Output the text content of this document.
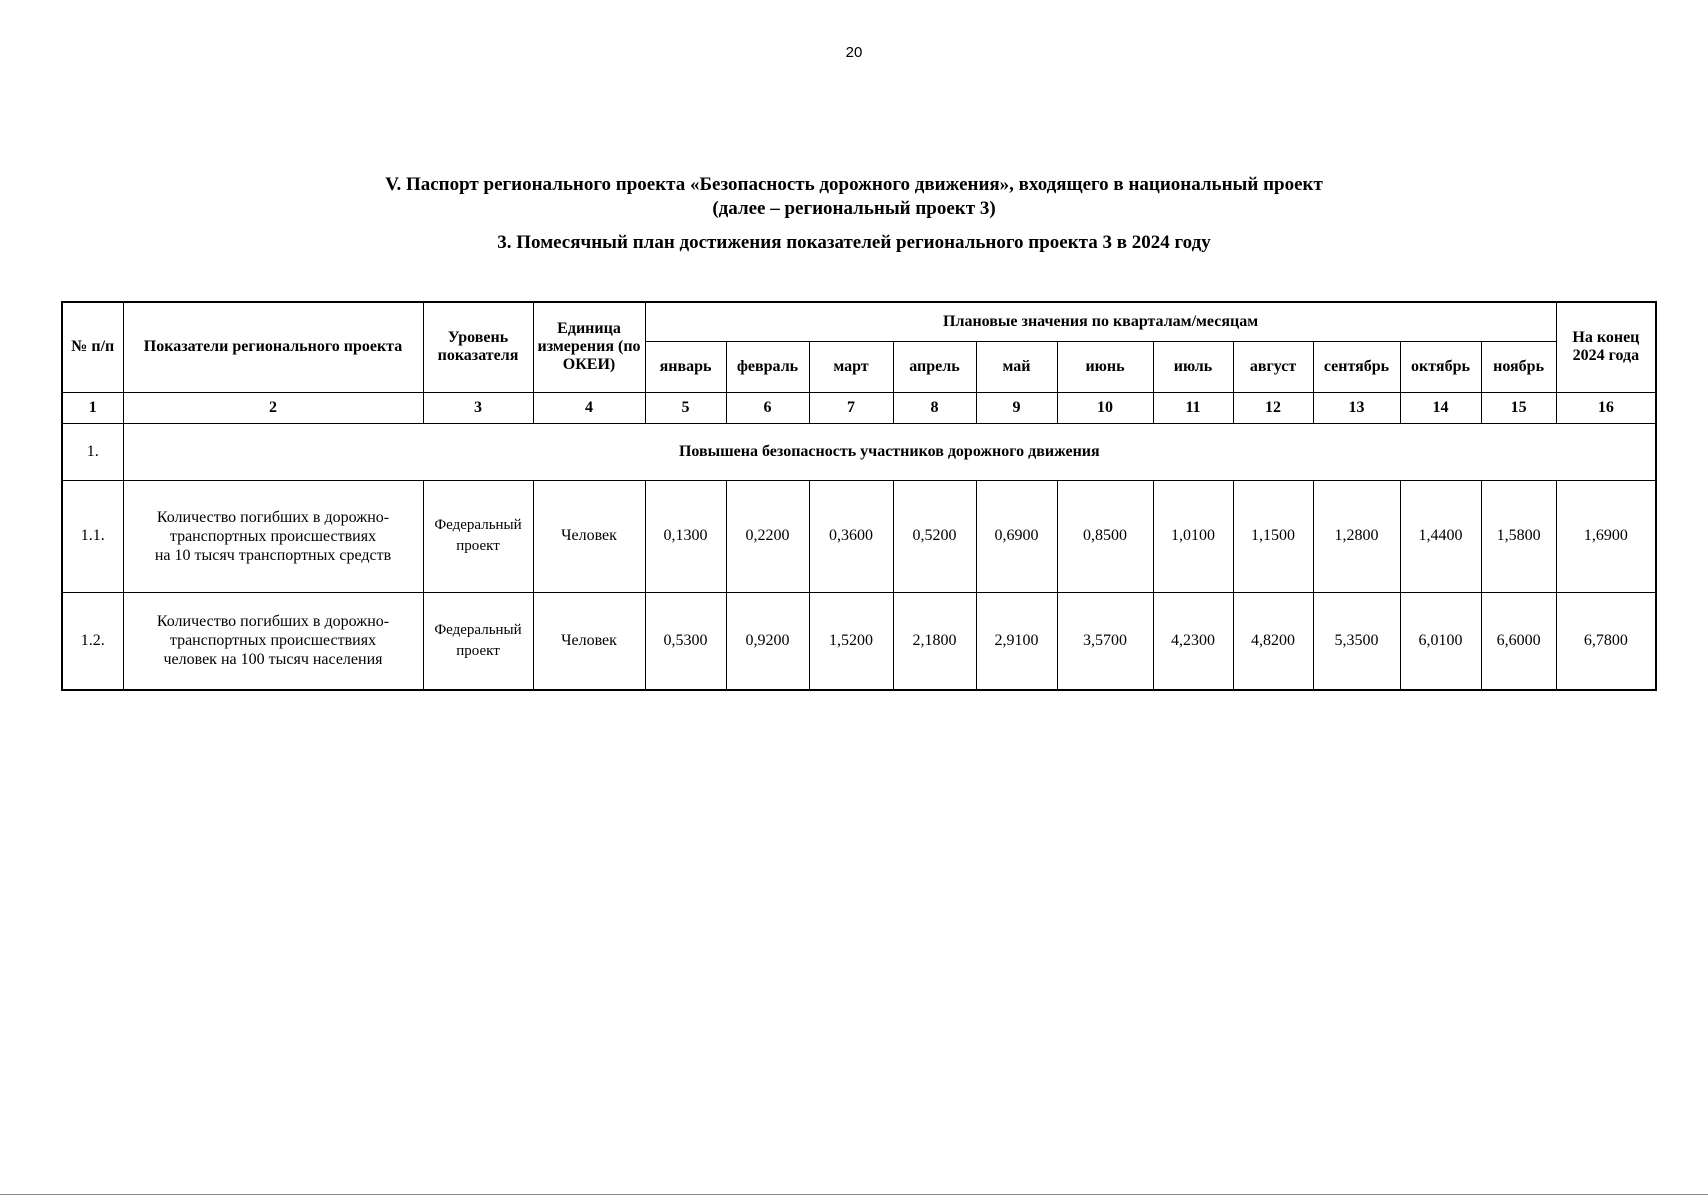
20
V. Паспорт регионального проекта «Безопасность дорожного движения», входящего в национальный проект
(далее – региональный проект 3)
3. Помесячный план достижения показателей регионального проекта 3 в 2024 году
№ п/п	Показатели регионального проекта	Уровень показателя	Единица измерения (по ОКЕИ)	Плановые значения по кварталам/месяцам											На конец 2024 года
				январь	февраль	март	апрель	май	июнь	июль	август	сентябрь	октябрь	ноябрь	
1	2	3	4	5	6	7	8	9	10	11	12	13	14	15	16
1.	Повышена безопасность участников дорожного движения														
1.1.	Количество погибших в дорожно-
транспортных происшествиях
на 10 тысяч транспортных средств	Федеральный
проект	Человек	0,1300	0,2200	0,3600	0,5200	0,6900	0,8500	1,0100	1,1500	1,2800	1,4400	1,5800	1,6900
1.2.	Количество погибших в дорожно-
транспортных происшествиях
человек на 100 тысяч населения	Федеральный
проект	Человек	0,5300	0,9200	1,5200	2,1800	2,9100	3,5700	4,2300	4,8200	5,3500	6,0100	6,6000	6,7800
